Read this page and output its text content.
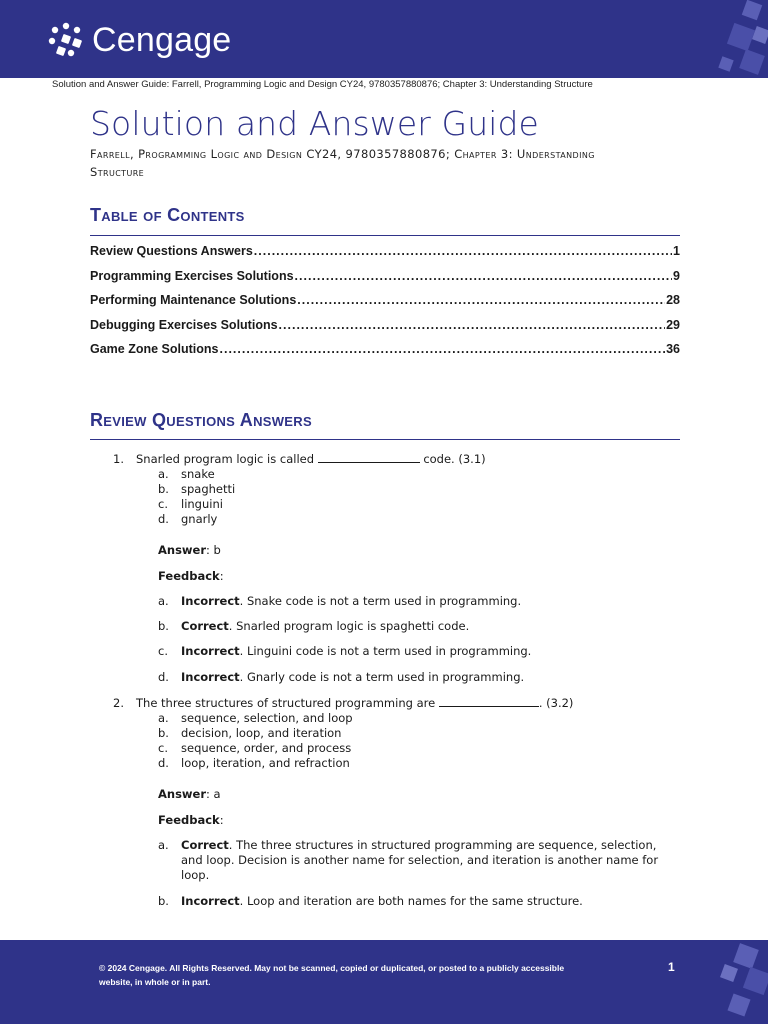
Cengage
Solution and Answer Guide: Farrell, Programming Logic and Design CY24, 9780357880876; Chapter 3: Understanding Structure
Solution and Answer Guide
Farrell, Programming Logic and Design CY24, 9780357880876; Chapter 3: Understanding Structure
Table of Contents
Review Questions Answers .....	1
Programming Exercises Solutions .....	9
Performing Maintenance Solutions .....	28
Debugging Exercises Solutions .....	29
Game Zone Solutions .....	36
Review Questions Answers
1. Snarled program logic is called	code. (3.1)
a. snake
b. spaghetti
c. linguini
d. gnarly
Answer: b
Feedback:
a. Incorrect. Snake code is not a term used in programming.
b. Correct. Snarled program logic is spaghetti code.
c. Incorrect. Linguini code is not a term used in programming.
d. Incorrect. Gnarly code is not a term used in programming.
2. The three structures of structured programming are	. (3.2)
a. sequence, selection, and loop
b. decision, loop, and iteration
c. sequence, order, and process
d. loop, iteration, and refraction
Answer: a
Feedback:
a. Correct. The three structures in structured programming are sequence, selection, and loop. Decision is another name for selection, and iteration is another name for loop.
b. Incorrect. Loop and iteration are both names for the same structure.
© 2024 Cengage. All Rights Reserved. May not be scanned, copied or duplicated, or posted to a publicly accessible website, in whole or in part.
1
